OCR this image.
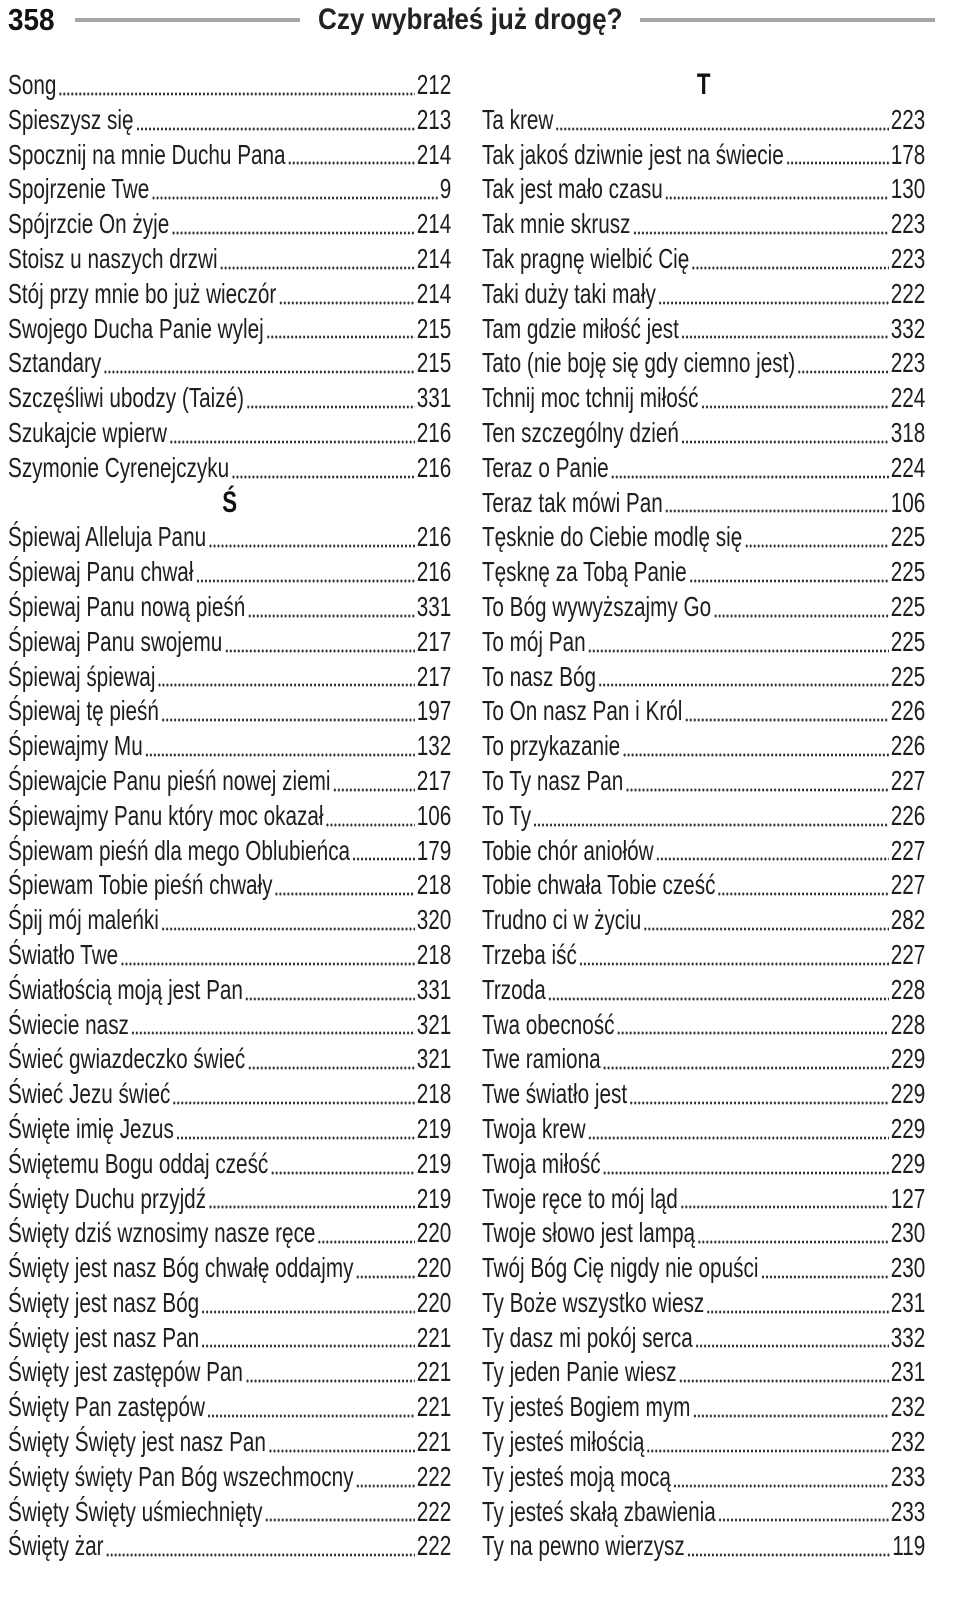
358	Czy wybrałeś już drogę?
Song	212
Spieszysz się	213
Spocznij na mnie Duchu Pana	214
Spojrzenie Twe	9
Spójrzcie On żyje	214
Stoisz u naszych drzwi	214
Stój przy mnie bo już wieczór	214
Swojego Ducha Panie wylej	215
Sztandary	215
Szczęśliwi ubodzy (Taizé)	331
Szukajcie wpierw	216
Szymonie Cyrenejczyku	216
Ś
Śpiewaj Alleluja Panu	216
Śpiewaj Panu chwał	216
Śpiewaj Panu nową pieśń	331
Śpiewaj Panu swojemu	217
Śpiewaj śpiewaj	217
Śpiewaj tę pieśń	197
Śpiewajmy Mu	132
Śpiewajcie Panu pieśń nowej ziemi	217
Śpiewajmy Panu który moc okazał	106
Śpiewam pieśń dla mego Oblubieńca 179
Śpiewam Tobie pieśń chwały	218
Śpij mój maleńki	320
Światło Twe	218
Światłością moją jest Pan	331
Świecie nasz	321
Świeć gwiazdeczko świeć	321
Świeć Jezu świeć	218
Święte imię Jezus	219
Świętemu Bogu oddaj cześć	219
Święty Duchu przyjdź	219
Święty dziś wznosimy nasze ręce	220
Święty jest nasz Bóg chwałę oddajmy 220
Święty jest nasz Bóg	220
Święty jest nasz Pan	221
Święty jest zastępów Pan	221
Święty Pan zastępów	221
Święty Święty jest nasz Pan	221
Święty święty Pan Bóg wszechmocny 222
Święty Święty uśmiechnięty	222
Święty żar	222
T
Ta krew	223
Tak jakoś dziwnie jest na świecie	178
Tak jest mało czasu	130
Tak mnie skrusz	223
Tak pragnę wielbić Cię	223
Taki duży taki mały	222
Tam gdzie miłość jest	332
Tato (nie boję się gdy ciemno jest)	223
Tchnij moc tchnij miłość	224
Ten szczególny dzień	318
Teraz o Panie	224
Teraz tak mówi Pan	106
Tęsknie do Ciebie modlę się	225
Tęsknę za Tobą Panie	225
To Bóg wywyższajmy Go	225
To mój Pan	225
To nasz Bóg	225
To On nasz Pan i Król	226
To przykazanie	226
To Ty nasz Pan	227
To Ty	226
Tobie chór aniołów	227
Tobie chwała Tobie cześć	227
Trudno ci w życiu	282
Trzeba iść	227
Trzoda	228
Twa obecność	228
Twe ramiona	229
Twe światło jest	229
Twoja krew	229
Twoja miłość	229
Twoje ręce to mój ląd	127
Twoje słowo jest lampą	230
Twój Bóg Cię nigdy nie opuści	230
Ty Boże wszystko wiesz	231
Ty dasz mi pokój serca	332
Ty jeden Panie wiesz	231
Ty jesteś Bogiem mym	232
Ty jesteś miłością	232
Ty jesteś moją mocą	233
Ty jesteś skałą zbawienia	233
Ty na pewno wierzysz	119
